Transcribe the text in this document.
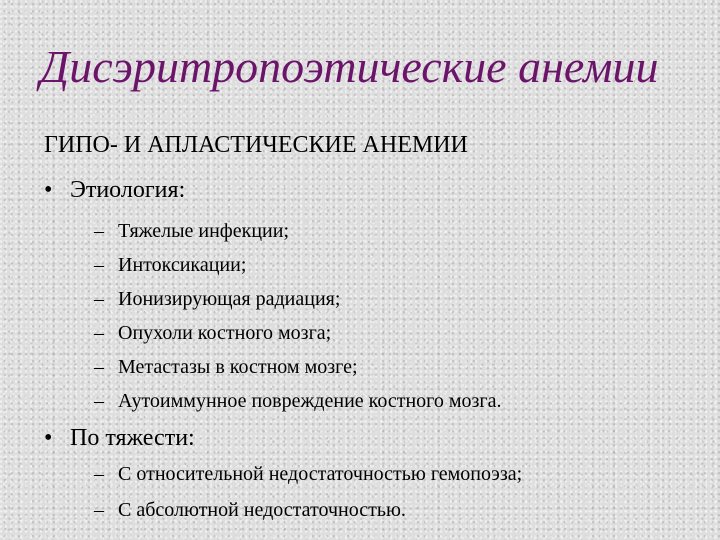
Дисэритропоэтические анемии
ГИПО- И АПЛАСТИЧЕСКИЕ АНЕМИИ
• Этиология:
– Тяжелые инфекции;
– Интоксикации;
– Ионизирующая радиация;
– Опухоли костного мозга;
– Метастазы в костном мозге;
– Аутоиммунное повреждение костного мозга.
• По тяжести:
– С относительной недостаточностью гемопоэза;
– С абсолютной недостаточностью.
